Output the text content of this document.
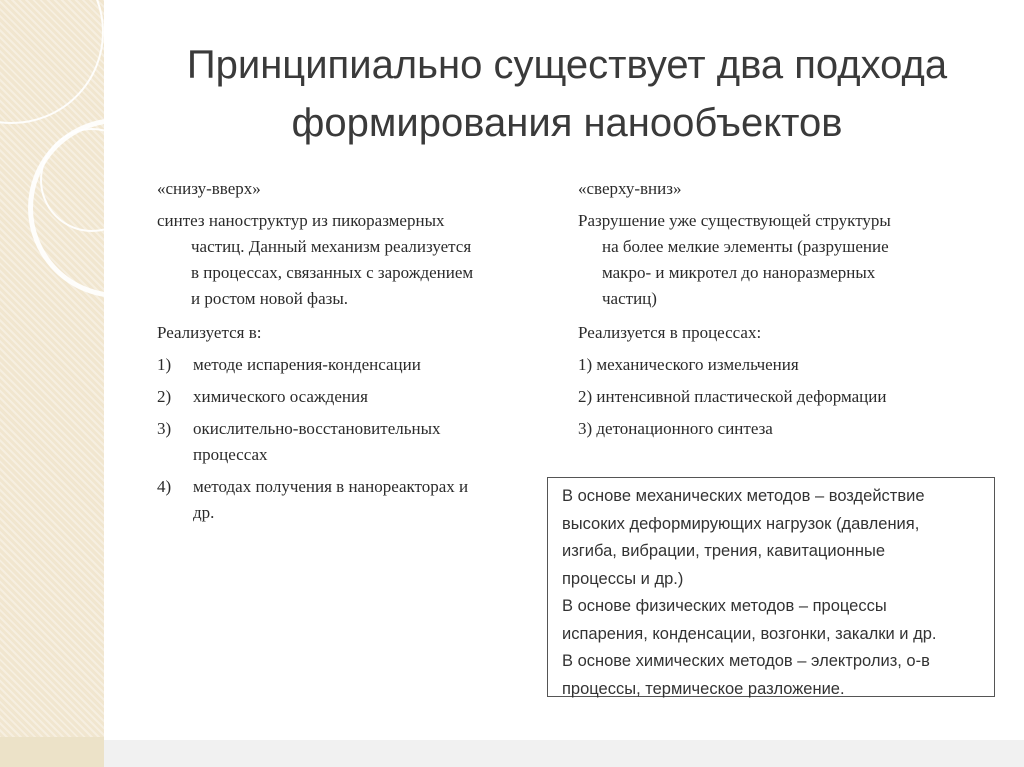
Принципиально существует два подхода
формирования нанообъектов
«снизу-вверх»
синтез наноструктур из пикоразмерных
частиц. Данный механизм реализуется
в процессах, связанных с зарождением
и ростом новой фазы.
Реализуется в:
1)	методе испарения-конденсации
2)	химического осаждения
3)	окислительно-восстановительных
процессах
4)	методах получения в нанореакторах и
др.
«сверху-вниз»
Разрушение уже существующей структуры
на более мелкие элементы (разрушение
макро- и микротел до наноразмерных
частиц)
Реализуется в процессах:
1) механического измельчения
2) интенсивной пластической деформации
3) детонационного синтеза
В основе механических методов – воздействие
высоких деформирующих нагрузок (давления,
изгиба, вибрации, трения, кавитационные
процессы и др.)
В основе физических методов – процессы
испарения, конденсации, возгонки, закалки и др.
В основе химических методов – электролиз, о-в
процессы, термическое разложение.
